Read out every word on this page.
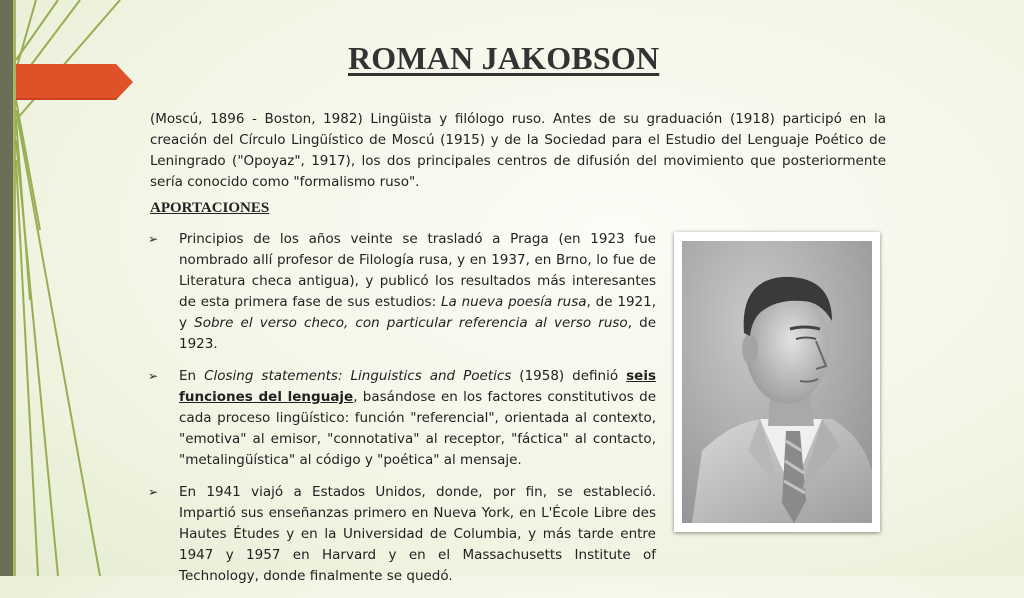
ROMAN JAKOBSON
(Moscú, 1896 - Boston, 1982) Lingüista y filólogo ruso. Antes de su graduación (1918) participó en la creación del Círculo Lingüístico de Moscú (1915) y de la Sociedad para el Estudio del Lenguaje Poético de Leningrado ("Opoyaz", 1917), los dos principales centros de difusión del movimiento que posteriormente sería conocido como "formalismo ruso".
APORTACIONES
➢ Principios de los años veinte se trasladó a Praga (en 1923 fue nombrado allí profesor de Filología rusa, y en 1937, en Brno, lo fue de Literatura checa antigua), y publicó los resultados más interesantes de esta primera fase de sus estudios: La nueva poesía rusa, de 1921, y Sobre el verso checo, con particular referencia al verso ruso, de 1923.
➢ En Closing statements: Linguistics and Poetics (1958) definió seis funciones del lenguaje, basándose en los factores constitutivos de cada proceso lingüístico: función "referencial", orientada al contexto, "emotiva" al emisor, "connotativa" al receptor, "fáctica" al contacto, "metalingüística" al código y "poética" al mensaje.
➢ En 1941 viajó a Estados Unidos, donde, por fin, se estableció. Impartió sus enseñanzas primero en Nueva York, en L'École Libre des Hautes Études y en la Universidad de Columbia, y más tarde entre 1947 y 1957 en Harvard y en el Massachusetts Institute of Technology, donde finalmente se quedó.
